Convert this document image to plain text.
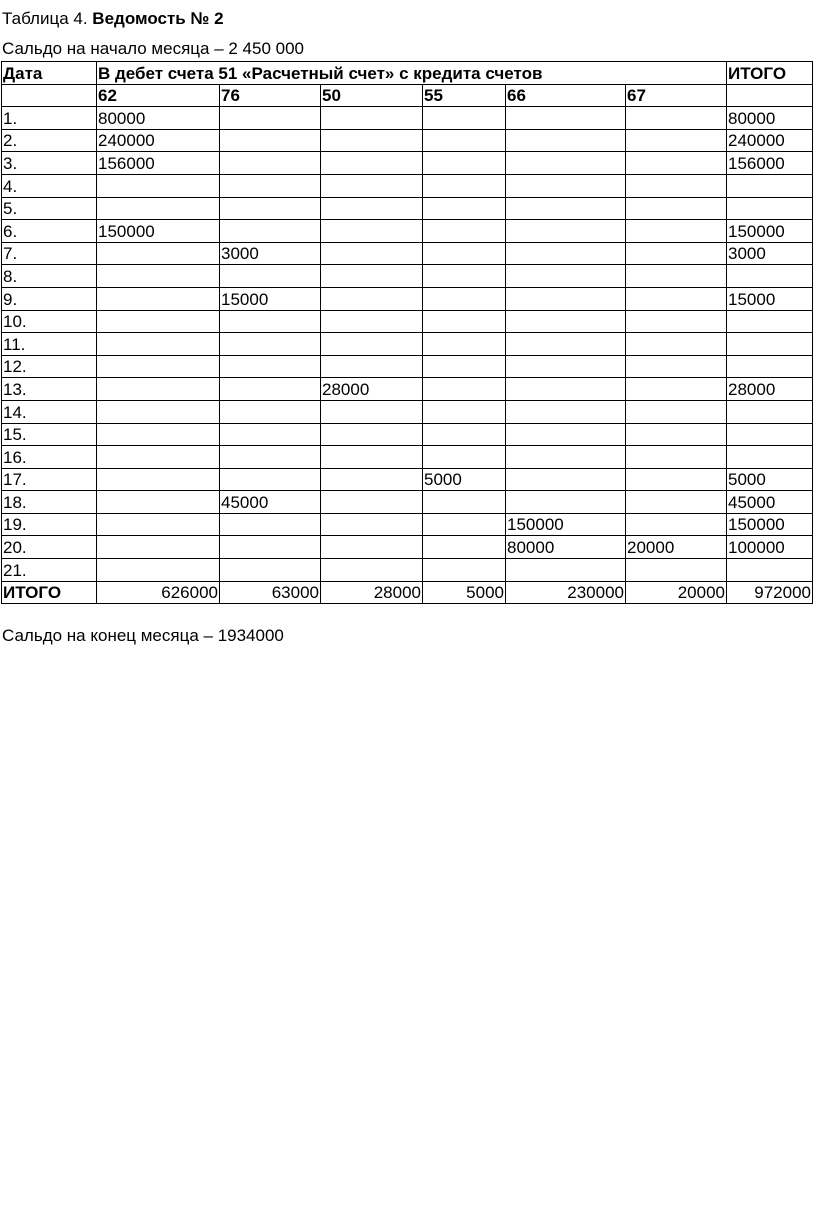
Таблица 4. Ведомость № 2
Сальдо на начало месяца – 2 450 000
Дата	В дебет счета 51 «Расчетный счет» с кредита счетов						ИТОГО
	62	76	50	55	66	67	
1.	80000						80000
2.	240000						240000
3.	156000						156000
4.							
5.							
6.	150000						150000
7.		3000					3000
8.							
9.		15000					15000
10.							
11.							
12.							
13.			28000				28000
14.							
15.							
16.							
17.				5000			5000
18.		45000					45000
19.					150000		150000
20.					80000	20000	100000
21.							
ИТОГО	626000	63000	28000	5000	230000	20000	972000
Сальдо на конец месяца – 1934000
